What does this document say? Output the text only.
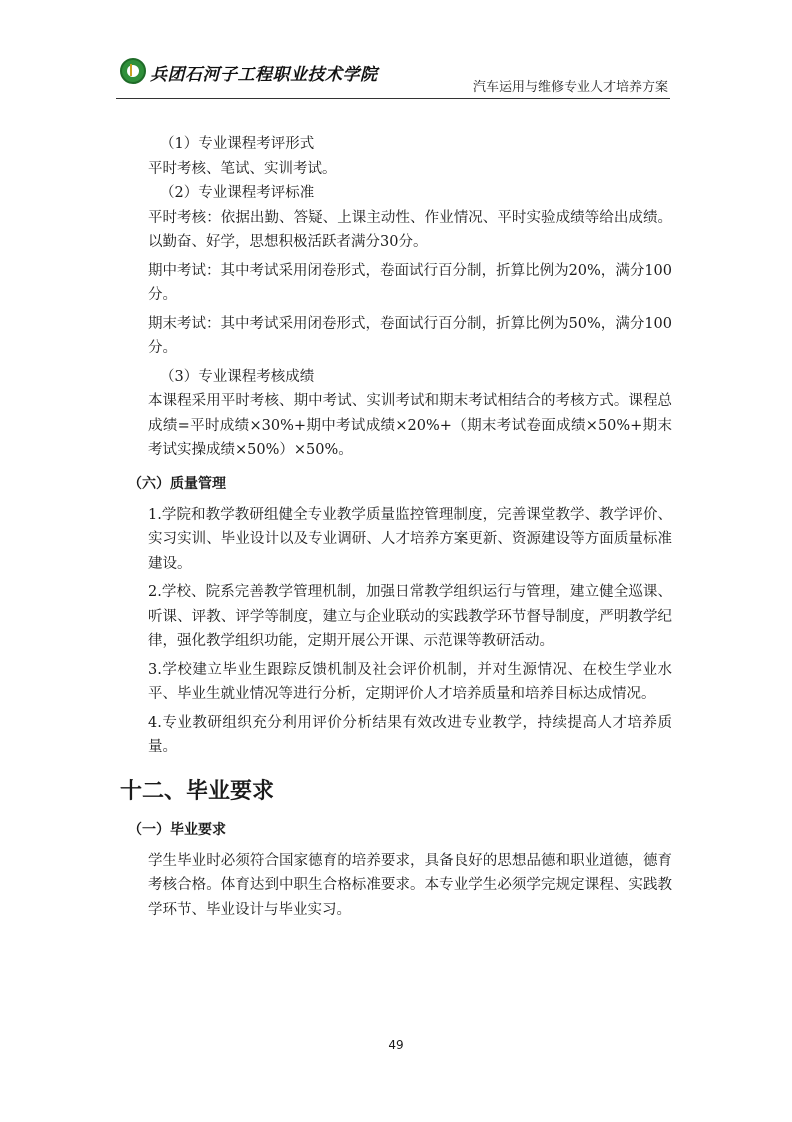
兵团石河子工程职业技术学院
汽车运用与维修专业人才培养方案

（1）专业课程考评形式

平时考核、笔试、实训考试。

（2）专业课程考评标准

平时考核：依据出勤、答疑、上课主动性、作业情况、平时实验成绩等给出成绩。以勤奋、好学，思想积极活跃者满分30分。

期中考试：其中考试采用闭卷形式，卷面试行百分制，折算比例为20%，满分100分。

期末考试：其中考试采用闭卷形式，卷面试行百分制，折算比例为50%，满分100分。

（3）专业课程考核成绩

本课程采用平时考核、期中考试、实训考试和期末考试相结合的考核方式。课程总成绩=平时成绩×30%+期中考试成绩×20%+（期末考试卷面成绩×50%+期末考试实操成绩×50%）×50%。

（六）质量管理

1.学院和教学教研组健全专业教学质量监控管理制度，完善课堂教学、教学评价、实习实训、毕业设计以及专业调研、人才培养方案更新、资源建设等方面质量标准建设。

2.学校、院系完善教学管理机制，加强日常教学组织运行与管理，建立健全巡课、听课、评教、评学等制度，建立与企业联动的实践教学环节督导制度，严明教学纪律，强化教学组织功能，定期开展公开课、示范课等教研活动。

3.学校建立毕业生跟踪反馈机制及社会评价机制，并对生源情况、在校生学业水平、毕业生就业情况等进行分析，定期评价人才培养质量和培养目标达成情况。

4.专业教研组织充分利用评价分析结果有效改进专业教学，持续提高人才培养质量。

十二、毕业要求

（一）毕业要求

学生毕业时必须符合国家德育的培养要求，具备良好的思想品德和职业道德，德育考核合格。体育达到中职生合格标准要求。本专业学生必须学完规定课程、实践教学环节、毕业设计与毕业实习。

49
